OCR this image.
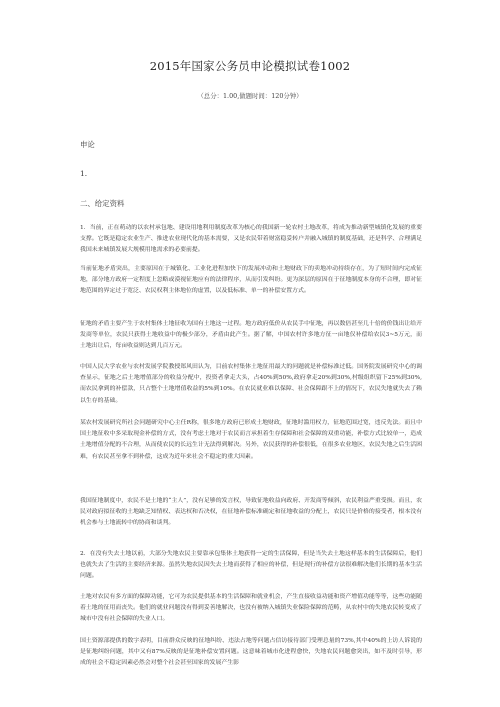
2015年国家公务员申论模拟试卷1002
（总分：1.00,做题时间：120分钟）
申论
1.
二、给定资料

1．当前，正在萌动的以农村承包地、建设用地利用制度改革为核心的我国新一轮农村土地改革，将成为推动新型城镇化发展的重要支撑。它既是稳定农业生产、推进农业现代化的基本需要，又是农民带着财富稳妥转户并融入城镇的制度基础，还是科学、合理满足我国未来城镇发展大规模用地需求的必要前提。

当前征地矛盾突出，主要原因在于城镇化、工业化进程加快下的发展冲动和土地财政下的卖地冲动持续存在，为了短时间内完成征地，部分地方政府一定程度上忽略或漠视征地应有的法律程序，从而引发纠纷。更为深层的原因在于征地制度本身的不合理，即对征地范围的界定过于宽泛、农民权利主体地位的虚置，以及低标准、单一的补偿安置方式。

征地的矛盾主要产生于农村集体土地征收为国有土地这一过程。地方政府低价从农民手中征地，再以数倍甚至几十倍的价钱出让给开发商等单位，农民只获得土地收益中的极少部分，矛盾由此产生。据了解，中国农村许多地方征一亩地仅补偿给农民3~5万元，而土地出让后，每亩收益则达到几百万元。

中国人民大学农业与农村发展学院教授郑风田认为，目前农村集体土地征用最大的问题就是补偿标准过低。国务院发展研究中心的调查显示，征地之后土地增值部分的收益分配中，投资者拿走大头，占40%到50%,政府拿走20%到30%,村级组织留下25%到30%,而农民拿到的补偿款，只占整个土地增值收益的5%到10%。在农民就业难以保障、社会保障跟不上的情况下，农民失地就失去了赖以生存的基础。

某农村发展研究所社会问题研究中心主任R称，很多地方政府已形成土地财政，征地时滥用权力，征地范围过宽，违反先法。而且中国土地征收中多采取现金补偿的方式，没有考虑土地对于农民而言承担着生存保障和社会保障的双重功能，补偿方式比较单一，造成土地增值分配的不合理，从而使农民的长远生计无法得到解决。另外，农民获得的补偿很低，在很多农业地区，农民失地之后生活困难，有农民甚至拿不到补偿，这成为近年来社会不稳定的重大因素。

我国征地制度中，农民不是土地的“主人”，没有足够的发言权，导致征地收益向政府、开发商等倾斜，农民利益严重受损。而且，农民对政府拟征收的土地缺乏知情权、表达权和否决权，在征地补偿标准确定和征地收益的分配上，农民只是价格的接受者，根本没有机会参与土地流转中的协商和谈判。

2．在没有失去土地以前，大部分失地农民主要靠承包集体土地获得一定的生活保障，但是当失去土地这样基本的生活保障后，他们也就失去了生活的主要经济来源。虽然失地农民因失去土地而获得了相应的补偿，但是现行的补偿方法很难解决他们长期的基本生活问题。

土地对农民有多方面的保障功能，它可为农民提供基本的生活保障和就业机会，产生直接收益功能和资产增值功能等等，这些功能随着土地的征用而丧失。他们的就业问题没有得到妥善地解决，也没有被纳入城镇失业保险保障的范畴，从农村中的失地农民转变成了城市中没有社会保障的失业人口。

国土资源部提供的数字表明，目前群众反映的征地纠纷、违法占地等问题占信访接待部门受理总量的73%,其中40%的上访人诉说的是征地纠纷问题，其中又有87%反映的是征地补偿安置问题。这意味着城市化进程愈快，失地农民问题愈突出，如不及时引导，形成的社会不稳定因素必然会对整个社会甚至国家的发展产生影
